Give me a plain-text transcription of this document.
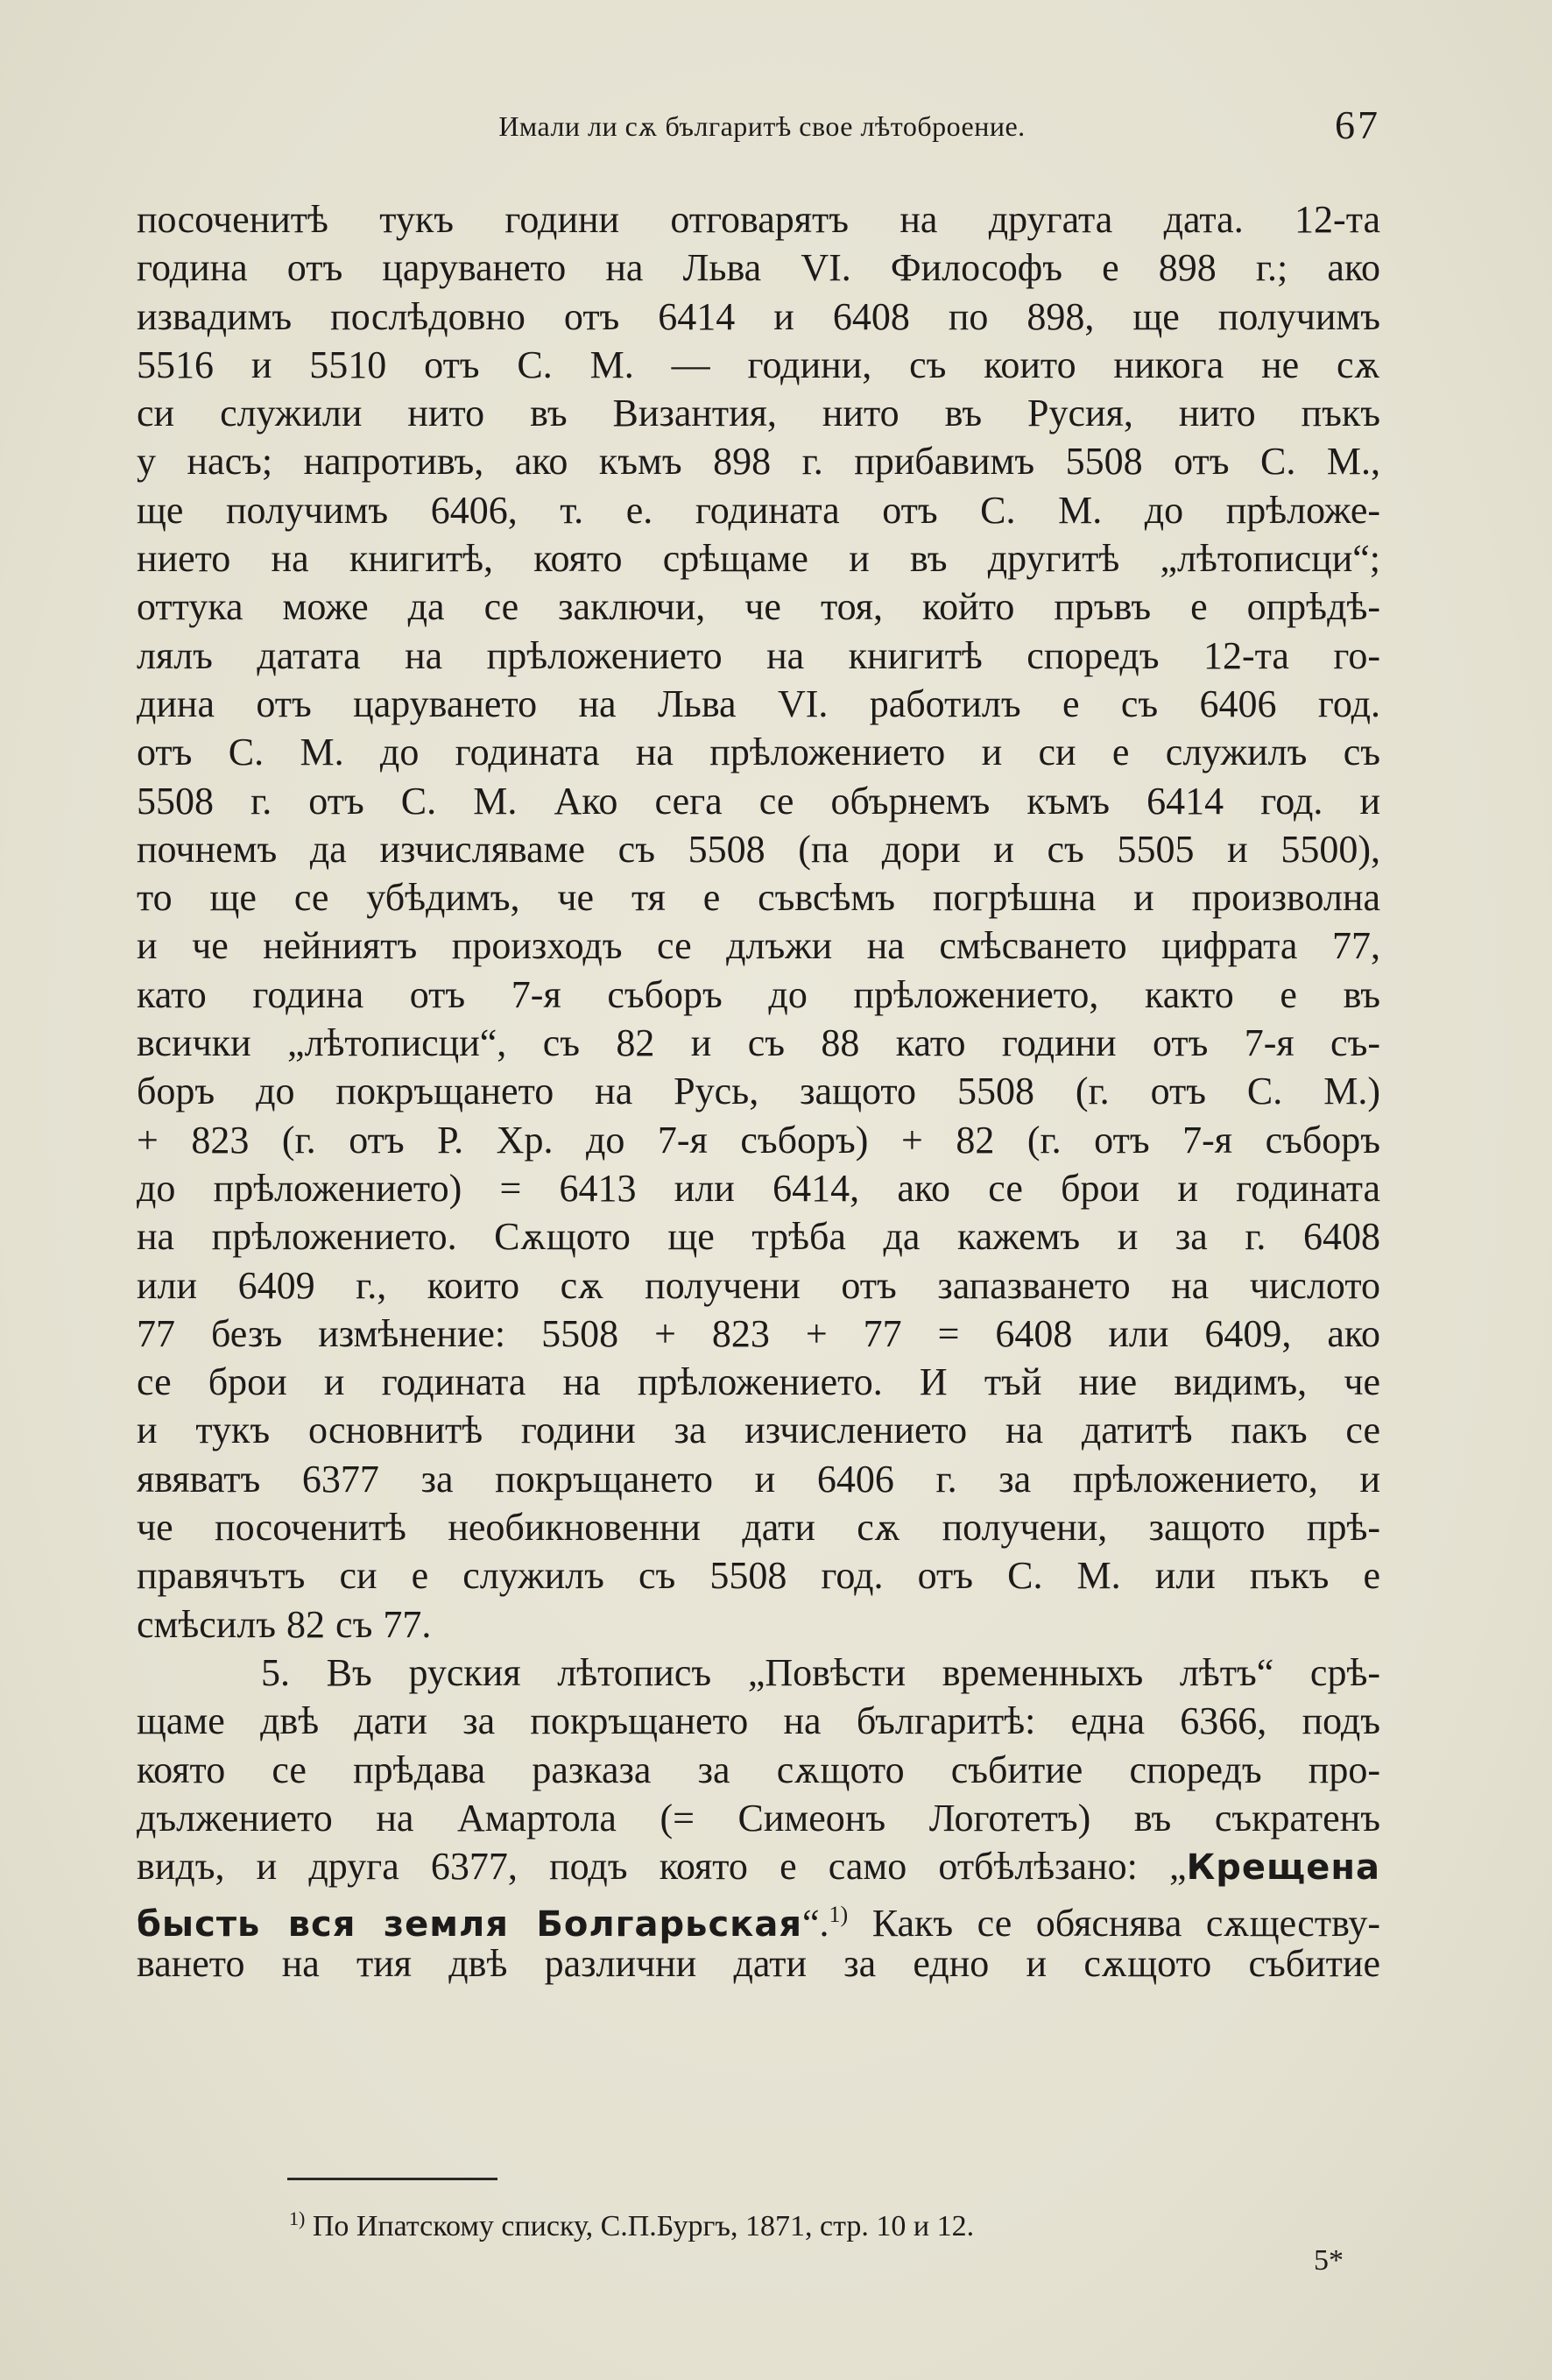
Имали ли сѫ българитѣ свое лѣтоброение.	67
посоченитѣ тукъ години отговарятъ на другата дата. 12-та
година отъ царуването на Льва VI. Философъ е 898 г.; ако
извадимъ послѣдовно отъ 6414 и 6408 по 898, ще получимъ
5516 и 5510 отъ С. М. — години, съ които никога не сѫ
си служили нито въ Византия, нито въ Русия, нито пъкъ
у насъ; напротивъ, ако къмъ 898 г. прибавимъ 5508 отъ С. М.,
ще получимъ 6406, т. е. годината отъ С. М. до прѣложе-
нието на книгитѣ, която срѣщаме и въ другитѣ „лѣтописци“;
оттука може да се заключи, че тоя, който пръвъ е опрѣдѣ-
лялъ датата на прѣложението на книгитѣ споредъ 12-та го-
дина отъ царуването на Льва VI. работилъ е съ 6406 год.
отъ С. М. до годината на прѣложението и си е служилъ съ
5508 г. отъ С. М. Ако сега се обърнемъ къмъ 6414 год. и
почнемъ да изчисляваме съ 5508 (па дори и съ 5505 и 5500),
то ще се убѣдимъ, че тя е съвсѣмъ погрѣшна и произволна
и че нейниятъ произходъ се длъжи на смѣсването цифрата 77,
като година отъ 7-я съборъ до прѣложението, както е въ
всички „лѣтописци“, съ 82 и съ 88 като години отъ 7-я съ-
боръ до покръщането на Русь, защото 5508 (г. отъ С. М.)
+ 823 (г. отъ Р. Хр. до 7-я съборъ) + 82 (г. отъ 7-я съборъ
до прѣложението) = 6413 или 6414, ако се брои и годината
на прѣложението. Сѫщото ще трѣба да кажемъ и за г. 6408
или 6409 г., които сѫ получени отъ запазването на числото
77 безъ измѣнение: 5508 + 823 + 77 = 6408 или 6409, ако
се брои и годината на прѣложението. И тъй ние видимъ, че
и тукъ основнитѣ години за изчислението на датитѣ пакъ се
явяватъ 6377 за покръщането и 6406 г. за прѣложението, и
че посоченитѣ необикновенни дати сѫ получени, защото прѣ-
правячътъ си е служилъ съ 5508 год. отъ С. М. или пъкъ е
смѣсилъ 82 съ 77.
5. Въ руския лѣтописъ „Повѣсти временныхъ лѣтъ“ срѣ-
щаме двѣ дати за покръщането на българитѣ: една 6366, подъ
която се прѣдава разказа за сѫщото събитие споредъ про-
дължението на Амартола (= Симеонъ Логотетъ) въ съкратенъ
видъ, и друга 6377, подъ която е само отбѣлѣзано: „Крещена
бысть вся земля Болгарьская“.$^{1)}$ Какъ се обяснява сѫществу-
ването на тия двѣ различни дати за едно и сѫщото събитие
$^{1)}$ По Ипатскому списку, С.П.Бургъ, 1871, стр. 10 и 12.
5*
